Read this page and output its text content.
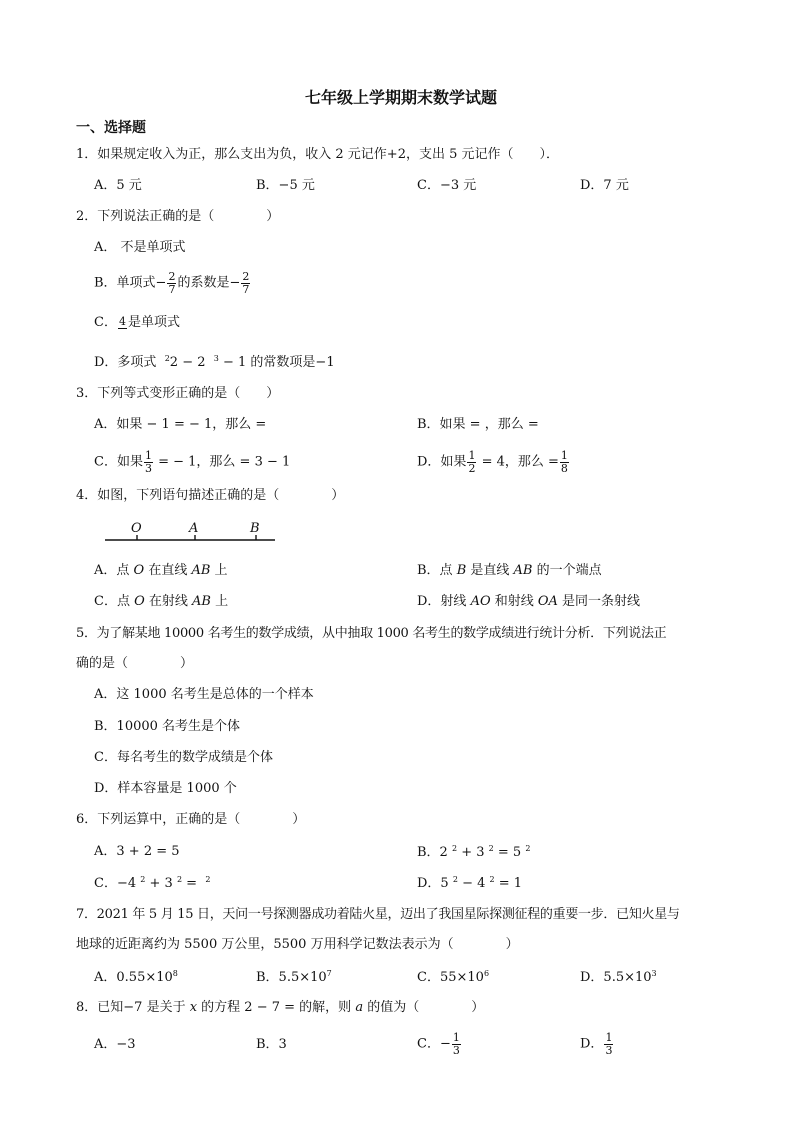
七年级上学期期末数学试题
一、选择题
1．如果规定收入为正，那么支出为负，收入 2 元记作+2，支出 5 元记作（　　）．
A．5 元	B．−5 元	C．−3 元	D．7 元
2．下列说法正确的是（　　　　）
A． 不是单项式
B．单项式− $\frac{2}{7}$ 的系数是− $\frac{2}{7}$
C． 4 是单项式
D．多项式 $^2$2 − 2 $^3$ − 1 的常数项是−1
3．下列等式变形正确的是（　　）
A．如果 − 1 = − 1，那么 =	B．如果 = ，那么 =
C．如果 $\frac{1}{3}$ = − 1，那么 = 3 − 1	D．如果 $\frac{1}{2} = 4$，那么 = $\frac{1}{8}$
4．如图，下列语句描述正确的是（　　　　）
O	A	B
A．点 O 在直线 AB 上	B．点 B 是直线 AB 的一个端点
C．点 O 在射线 AB 上	D．射线 AO 和射线 OA 是同一条射线
5．为了解某地 10000 名考生的数学成绩，从中抽取 1000 名考生的数学成绩进行统计分析．下列说法正
确的是（　　　　）
A．这 1000 名考生是总体的一个样本
B．10000 名考生是个体
C．每名考生的数学成绩是个体
D．样本容量是 1000 个
6．下列运算中，正确的是（　　　　）
A．3 + 2 = 5	B．2 $^2$ + 3 $^2$ = 5 $^2$
C．−4 $^2$ + 3 $^2$ = $^2$	D．5 $^2$ − 4 $^2$ = 1
7．2021 年 5 月 15 日，天问一号探测器成功着陆火星，迈出了我国星际探测征程的重要一步．已知火星与
地球的近距离约为 5500 万公里，5500 万用科学记数法表示为（　　　　）
A．$0.55\times 10^8$	B．$5.5\times 10^7$	C．$55\times 10^6$	D．$5.5\times 10^3$
8．已知−7 是关于 x 的方程 2 − 7 = 的解，则 a 的值为（　　　　）
A．−3	B．3	C．− $\frac{1}{3}$	D． $\frac{1}{3}$
